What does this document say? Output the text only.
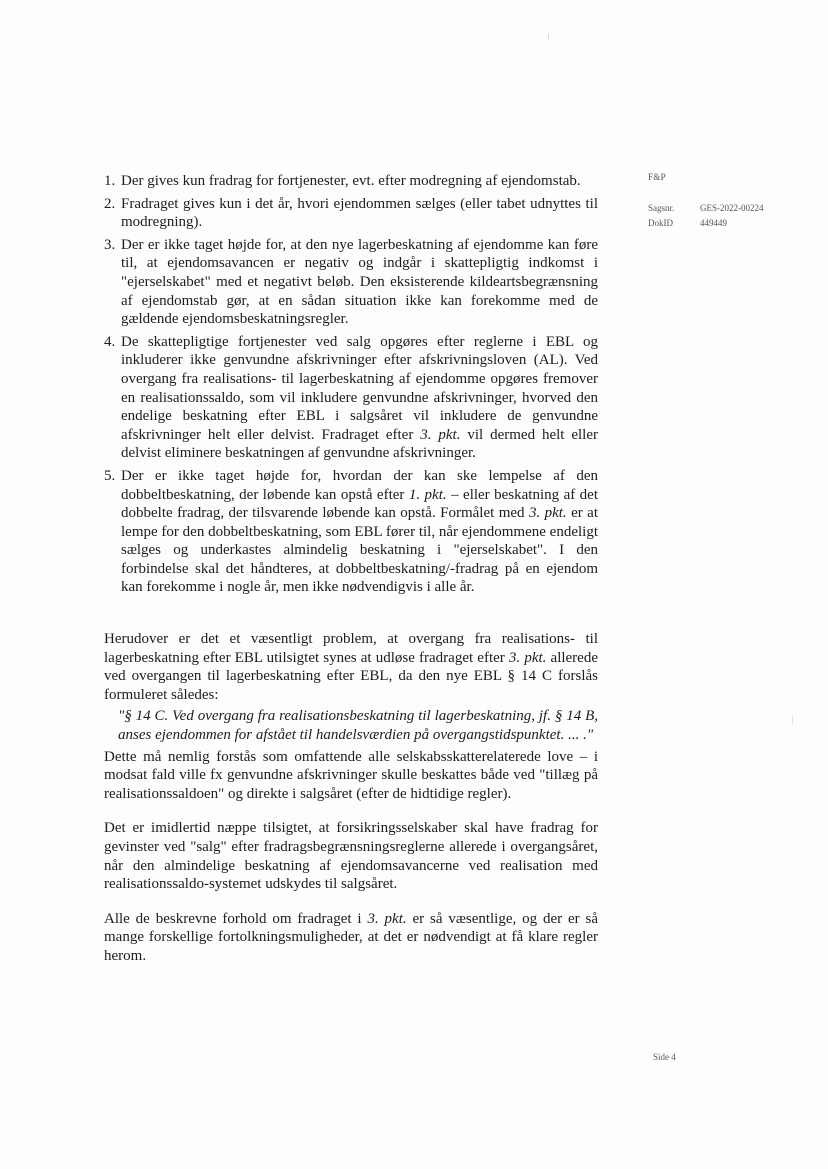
F&P
Sagsnr.	GES-2022-00224
DokID	449449
1. Der gives kun fradrag for fortjenester, evt. efter modregning af ejendomstab.
2. Fradraget gives kun i det år, hvori ejendommen sælges (eller tabet udnyttes til modregning).
3. Der er ikke taget højde for, at den nye lagerbeskatning af ejendomme kan føre til, at ejendomsavancen er negativ og indgår i skattepligtig indkomst i "ejerselskabet" med et negativt beløb. Den eksisterende kildeartsbegrænsning af ejendomstab gør, at en sådan situation ikke kan forekomme med de gældende ejendomsbeskatningsregler.
4. De skattepligtige fortjenester ved salg opgøres efter reglerne i EBL og inkluderer ikke genvundne afskrivninger efter afskrivningsloven (AL). Ved overgang fra realisations- til lagerbeskatning af ejendomme opgøres fremover en realisationssaldo, som vil inkludere genvundne afskrivninger, hvorved den endelige beskatning efter EBL i salgsåret vil inkludere de genvundne afskrivninger helt eller delvist. Fradraget efter 3. pkt. vil dermed helt eller delvist eliminere beskatningen af genvundne afskrivninger.
5. Der er ikke taget højde for, hvordan der kan ske lempelse af den dobbeltbeskatning, der løbende kan opstå efter 1. pkt. – eller beskatning af det dobbelte fradrag, der tilsvarende løbende kan opstå. Formålet med 3. pkt. er at lempe for den dobbeltbeskatning, som EBL fører til, når ejendommene endeligt sælges og underkastes almindelig beskatning i "ejerselskabet". I den forbindelse skal det håndteres, at dobbeltbeskatning/-fradrag på en ejendom kan forekomme i nogle år, men ikke nødvendigvis i alle år.

Herudover er det et væsentligt problem, at overgang fra realisations- til lagerbeskatning efter EBL utilsigtet synes at udløse fradraget efter 3. pkt. allerede ved overgangen til lagerbeskatning efter EBL, da den nye EBL § 14 C forslås formuleret således:

"§ 14 C. Ved overgang fra realisationsbeskatning til lagerbeskatning, jf. § 14 B, anses ejendommen for afstået til handelsværdien på overgangstidspunktet. ... ."

Dette må nemlig forstås som omfattende alle selskabsskatterelaterede love – i modsat fald ville fx genvundne afskrivninger skulle beskattes både ved "tillæg på realisationssaldoen" og direkte i salgsåret (efter de hidtidige regler).

Det er imidlertid næppe tilsigtet, at forsikringsselskaber skal have fradrag for gevinster ved "salg" efter fradragsbegrænsningsreglerne allerede i overgangsåret, når den almindelige beskatning af ejendomsavancerne ved realisation med realisationssaldo-systemet udskydes til salgsåret.

Alle de beskrevne forhold om fradraget i 3. pkt. er så væsentlige, og der er så mange forskellige fortolkningsmuligheder, at det er nødvendigt at få klare regler herom.

Side 4
